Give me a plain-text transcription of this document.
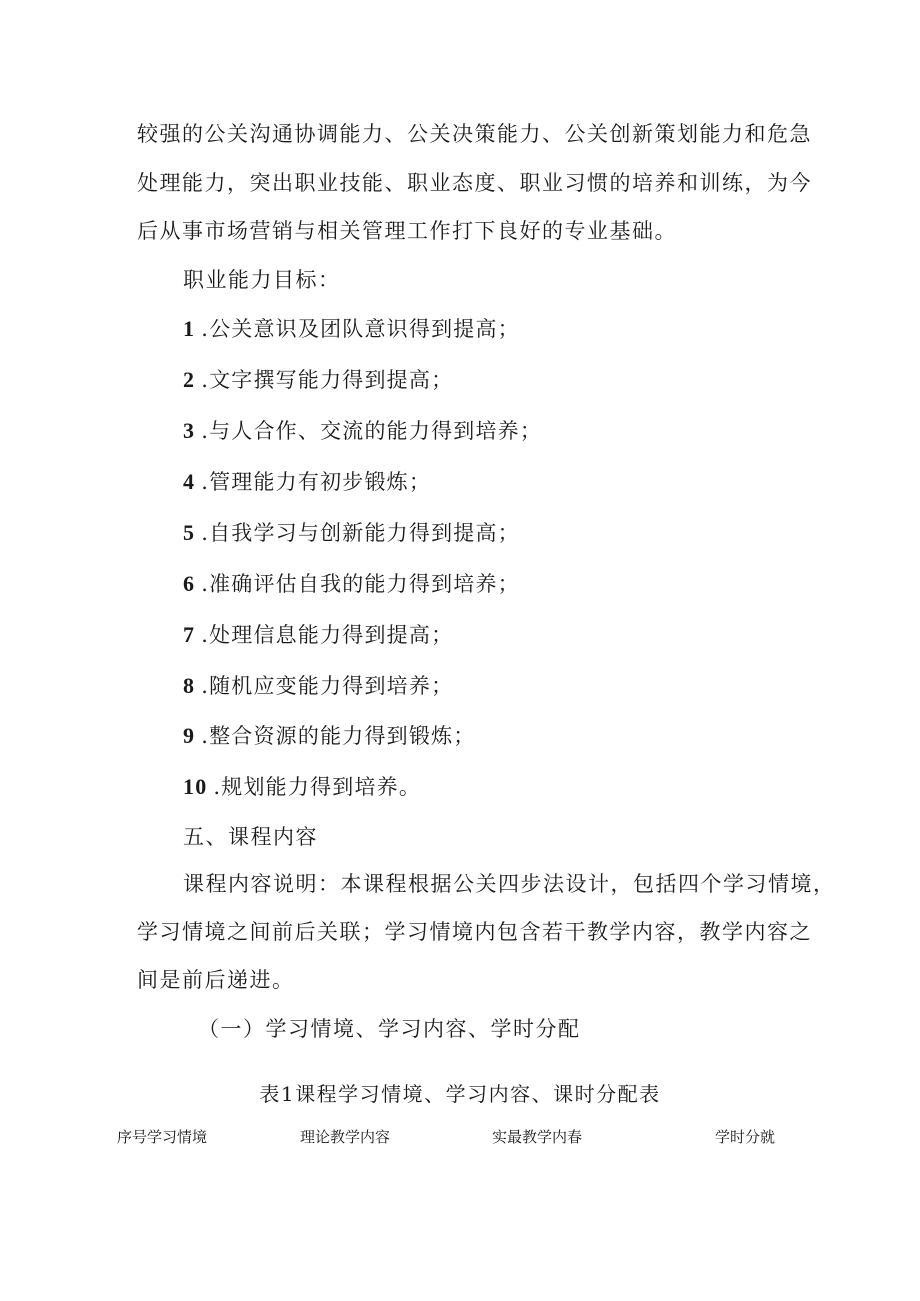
较强的公关沟通协调能力、公关决策能力、公关创新策划能力和危急
处理能力，突出职业技能、职业态度、职业习惯的培养和训练，为今
后从事市场营销与相关管理工作打下良好的专业基础。
职业能力目标：
1 .公关意识及团队意识得到提高；
2 .文字撰写能力得到提高；
3 .与人合作、交流的能力得到培养；
4 .管理能力有初步锻炼；
5 .自我学习与创新能力得到提高；
6 .准确评估自我的能力得到培养；
7 .处理信息能力得到提高；
8 .随机应变能力得到培养；
9 .整合资源的能力得到锻炼；
10 .规划能力得到培养。
五、课程内容
课程内容说明：本课程根据公关四步法设计，包括四个学习情境，
学习情境之间前后关联；学习情境内包含若干教学内容，教学内容之
间是前后递进。
（一）学习情境、学习内容、学时分配
表1课程学习情境、学习内容、课时分配表
序号学习情境	理论教学内容	实最教学内春	学时分就
